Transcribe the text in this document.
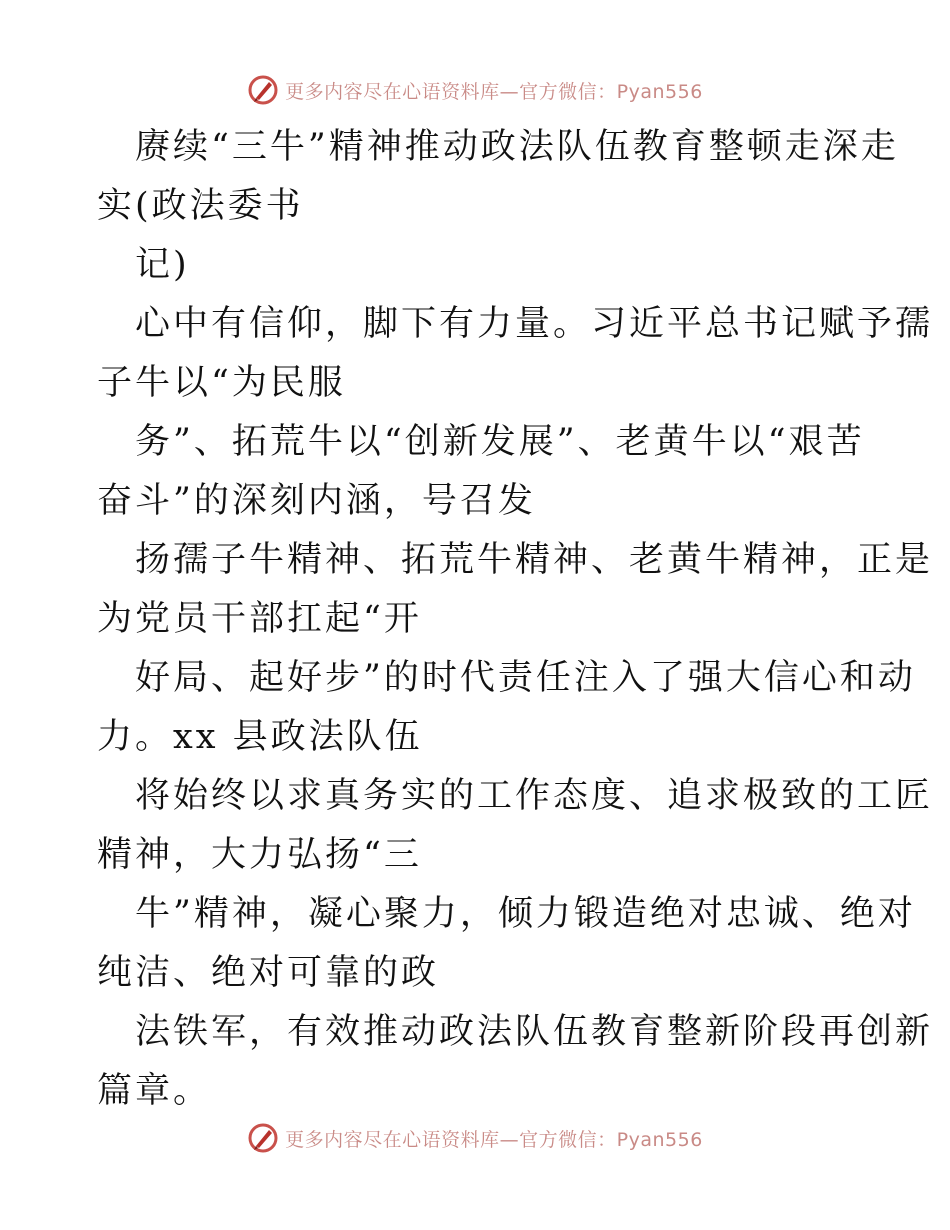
更多内容尽在心语资料库—官方微信：Pyan556
赓续“三牛”精神推动政法队伍教育整顿走深走
实(政法委书
记)
心中有信仰，脚下有力量。习近平总书记赋予孺
子牛以“为民服
务”、拓荒牛以“创新发展”、老黄牛以“艰苦
奋斗”的深刻内涵，号召发
扬孺子牛精神、拓荒牛精神、老黄牛精神，正是
为党员干部扛起“开
好局、起好步”的时代责任注入了强大信心和动
力。xx 县政法队伍
将始终以求真务实的工作态度、追求极致的工匠
精神，大力弘扬“三
牛”精神，凝心聚力，倾力锻造绝对忠诚、绝对
纯洁、绝对可靠的政
法铁军，有效推动政法队伍教育整新阶段再创新
篇章。
更多内容尽在心语资料库—官方微信：Pyan556
